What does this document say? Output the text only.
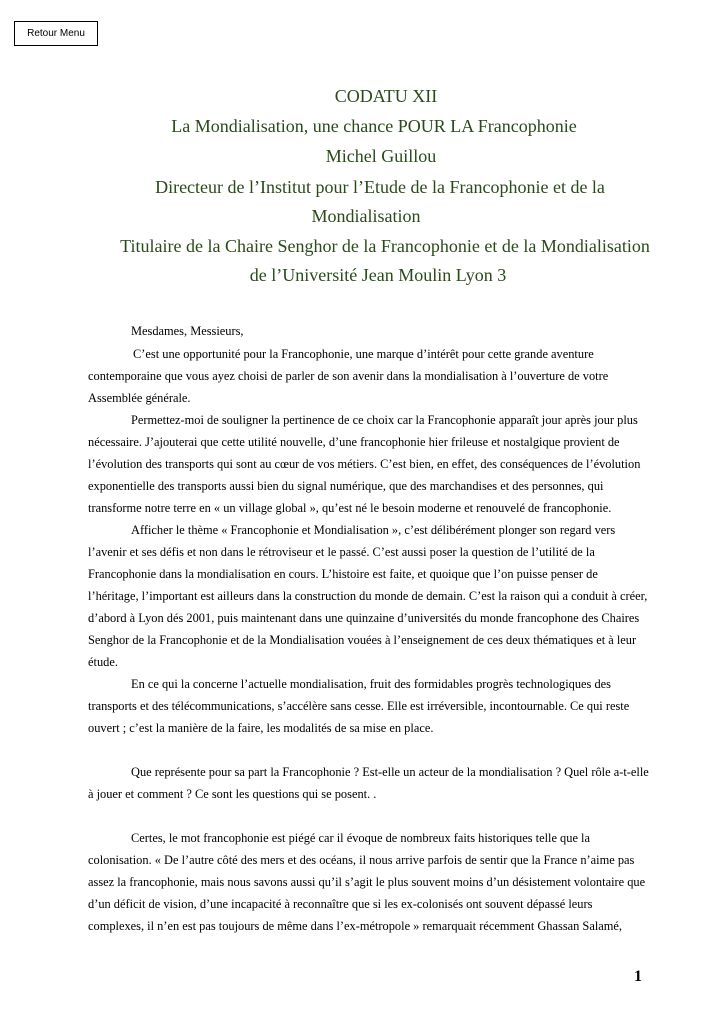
Retour Menu
CODATU XII
La Mondialisation, une chance POUR LA Francophonie
Michel Guillou
Directeur de l’Institut pour l’Etude de la Francophonie et de la
Mondialisation
Titulaire de la Chaire Senghor de la Francophonie et de la Mondialisation
de l’Université Jean Moulin Lyon 3
Mesdames, Messieurs,
C’est une opportunité pour la Francophonie, une marque d’intérêt pour cette grande aventure
contemporaine que vous ayez choisi de parler de son avenir dans la mondialisation à l’ouverture de votre
Assemblée générale.
Permettez-moi de souligner la pertinence de ce choix car la Francophonie apparaît jour après jour plus
nécessaire. J’ajouterai que cette utilité nouvelle, d’une francophonie hier frileuse et nostalgique provient de
l’évolution des transports qui sont au cœur de vos métiers. C’est bien, en effet, des conséquences de l’évolution
exponentielle des transports aussi bien du signal numérique, que des marchandises et des personnes, qui
transforme notre terre en « un village global », qu’est né le besoin moderne et renouvelé de francophonie.
Afficher le thème « Francophonie et Mondialisation », c’est délibérément plonger son regard vers
l’avenir et ses défis et non dans le rétroviseur et le passé. C’est aussi poser la question de l’utilité de la
Francophonie dans la mondialisation en cours. L’histoire est faite, et quoique que l’on puisse penser de
l’héritage, l’important est ailleurs dans la construction du monde de demain. C’est la raison qui a conduit à créer,
d’abord à Lyon dés 2001, puis maintenant dans une quinzaine d’universités du monde francophone des Chaires
Senghor de la Francophonie et de la Mondialisation vouées à l’enseignement de ces deux thématiques et à leur
étude.
En ce qui la concerne l’actuelle mondialisation, fruit des formidables progrès technologiques des
transports et des télécommunications, s’accélère sans cesse. Elle est irréversible, incontournable. Ce qui reste
ouvert ; c’est la manière de la faire, les modalités de sa mise en place.
Que représente pour sa part la Francophonie ? Est-elle un acteur de la mondialisation ? Quel rôle a-t-elle
à jouer et comment ? Ce sont les questions qui se posent. .
Certes, le mot francophonie est piégé car il évoque de nombreux faits historiques telle que la
colonisation. « De l’autre côté des mers et des océans, il nous arrive parfois de sentir que la France n’aime pas
assez la francophonie, mais nous savons aussi qu’il s’agit le plus souvent moins d’un désistement volontaire que
d’un déficit de vision, d’une incapacité à reconnaître que si les ex-colonisés ont souvent dépassé leurs
complexes, il n’en est pas toujours de même dans l’ex-métropole » remarquait récemment Ghassan Salamé,
1
